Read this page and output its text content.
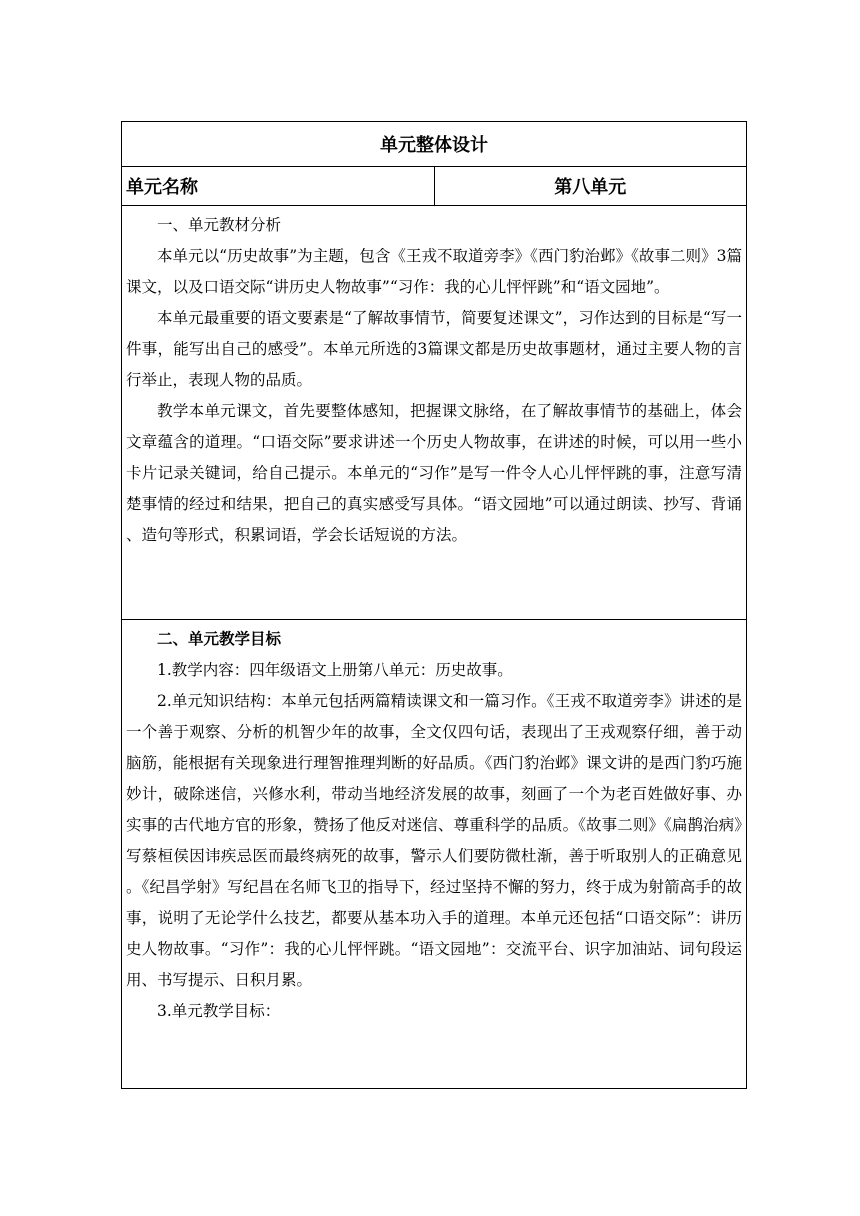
单元整体设计
单元名称	第八单元

一、单元教材分析

本单元以“历史故事”为主题，包含《王戎不取道旁李》《西门豹治邺》《故事二则》3篇课文，以及口语交际“讲历史人物故事”“习作：我的心儿怦怦跳”和“语文园地”。

本单元最重要的语文要素是“了解故事情节，简要复述课文”，习作达到的目标是“写一件事，能写出自己的感受”。本单元所选的3篇课文都是历史故事题材，通过主要人物的言行举止，表现人物的品质。

教学本单元课文，首先要整体感知，把握课文脉络，在了解故事情节的基础上，体会文章蕴含的道理。“口语交际”要求讲述一个历史人物故事，在讲述的时候，可以用一些小卡片记录关键词，给自己提示。本单元的“习作”是写一件令人心儿怦怦跳的事，注意写清楚事情的经过和结果，把自己的真实感受写具体。“语文园地”可以通过朗读、抄写、背诵、造句等形式，积累词语，学会长话短说的方法。

二、单元教学目标

1.教学内容：四年级语文上册第八单元：历史故事。

2.单元知识结构：本单元包括两篇精读课文和一篇习作。《王戎不取道旁李》讲述的是一个善于观察、分析的机智少年的故事，全文仅四句话，表现出了王戎观察仔细，善于动脑筋，能根据有关现象进行理智推理判断的好品质。《西门豹治邺》课文讲的是西门豹巧施妙计，破除迷信，兴修水利，带动当地经济发展的故事，刻画了一个为老百姓做好事、办实事的古代地方官的形象，赞扬了他反对迷信、尊重科学的品质。《故事二则》《扁鹊治病》写蔡桓侯因讳疾忌医而最终病死的故事，警示人们要防微杜渐，善于听取别人的正确意见。《纪昌学射》写纪昌在名师飞卫的指导下，经过坚持不懈的努力，终于成为射箭高手的故事，说明了无论学什么技艺，都要从基本功入手的道理。本单元还包括“口语交际”：讲历史人物故事。“习作”：我的心儿怦怦跳。“语文园地”：交流平台、识字加油站、词句段运用、书写提示、日积月累。

3.单元教学目标：
